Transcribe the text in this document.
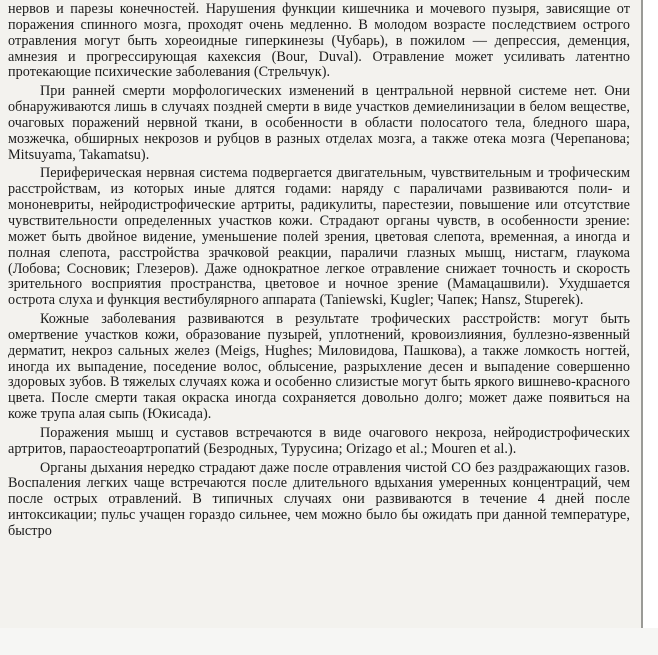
нервов и парезы конечностей. Нарушения функции кишечника и мочевого пузыря, зависящие от поражения спинного мозга, проходят очень медленно. В молодом возрасте последствием острого отравления могут быть хореоидные гиперкинезы (Чубарь), в пожилом — депрессия, деменция, амнезия и прогрессирующая кахексия (Bour, Duval). Отравление может усиливать латентно протекающие психические заболевания (Стрельчук).

При ранней смерти морфологических изменений в центральной нервной системе нет. Они обнаруживаются лишь в случаях поздней смерти в виде участков демиелинизации в белом веществе, очаговых поражений нервной ткани, в особенности в области полосатого тела, бледного шара, мозжечка, обширных некрозов и рубцов в разных отделах мозга, а также отека мозга (Черепанова; Mitsuyama, Takamatsu).

Периферическая нервная система подвергается двигательным, чувствительным и трофическим расстройствам, из которых иные длятся годами: наряду с параличами развиваются поли- и мононевриты, нейродистрофические артриты, радикулиты, парестезии, повышение или отсутствие чувствительности определенных участков кожи. Страдают органы чувств, в особенности зрение: может быть двойное видение, уменьшение полей зрения, цветовая слепота, временная, а иногда и полная слепота, расстройства зрачковой реакции, параличи глазных мышц, нистагм, глаукома (Лобова; Сосновик; Глезеров). Даже однократное легкое отравление снижает точность и скорость зрительного восприятия пространства, цветовое и ночное зрение (Мамацашвили). Ухудшается острота слуха и функция вестибулярного аппарата (Taniewski, Kugler; Чапек; Hansz, Stuperek).

Кожные заболевания развиваются в результате трофических расстройств: могут быть омертвение участков кожи, образование пузырей, уплотнений, кровоизлияния, буллезно-язвенный дерматит, некроз сальных желез (Meigs, Hughes; Миловидова, Пашкова), а также ломкость ногтей, иногда их выпадение, поседение волос, облысение, разрыхление десен и выпадение совершенно здоровых зубов. В тяжелых случаях кожа и особенно слизистые могут быть яркого вишнево-красного цвета. После смерти такая окраска иногда сохраняется довольно долго; может даже появиться на коже трупа алая сыпь (Юкисада).

Поражения мышц и суставов встречаются в виде очагового некроза, нейродистрофических артритов, параостеоартропатий (Безродных, Турусина; Orizago et al.; Mouren et al.).

Органы дыхания нередко страдают даже после отравления чистой CO без раздражающих газов. Воспаления легких чаще встречаются после длительного вдыхания умеренных концентраций, чем после острых отравлений. В типичных случаях они развиваются в течение 4 дней после интоксикации; пульс учащен гораздо сильнее, чем можно было бы ожидать при данной температуре, быстро
